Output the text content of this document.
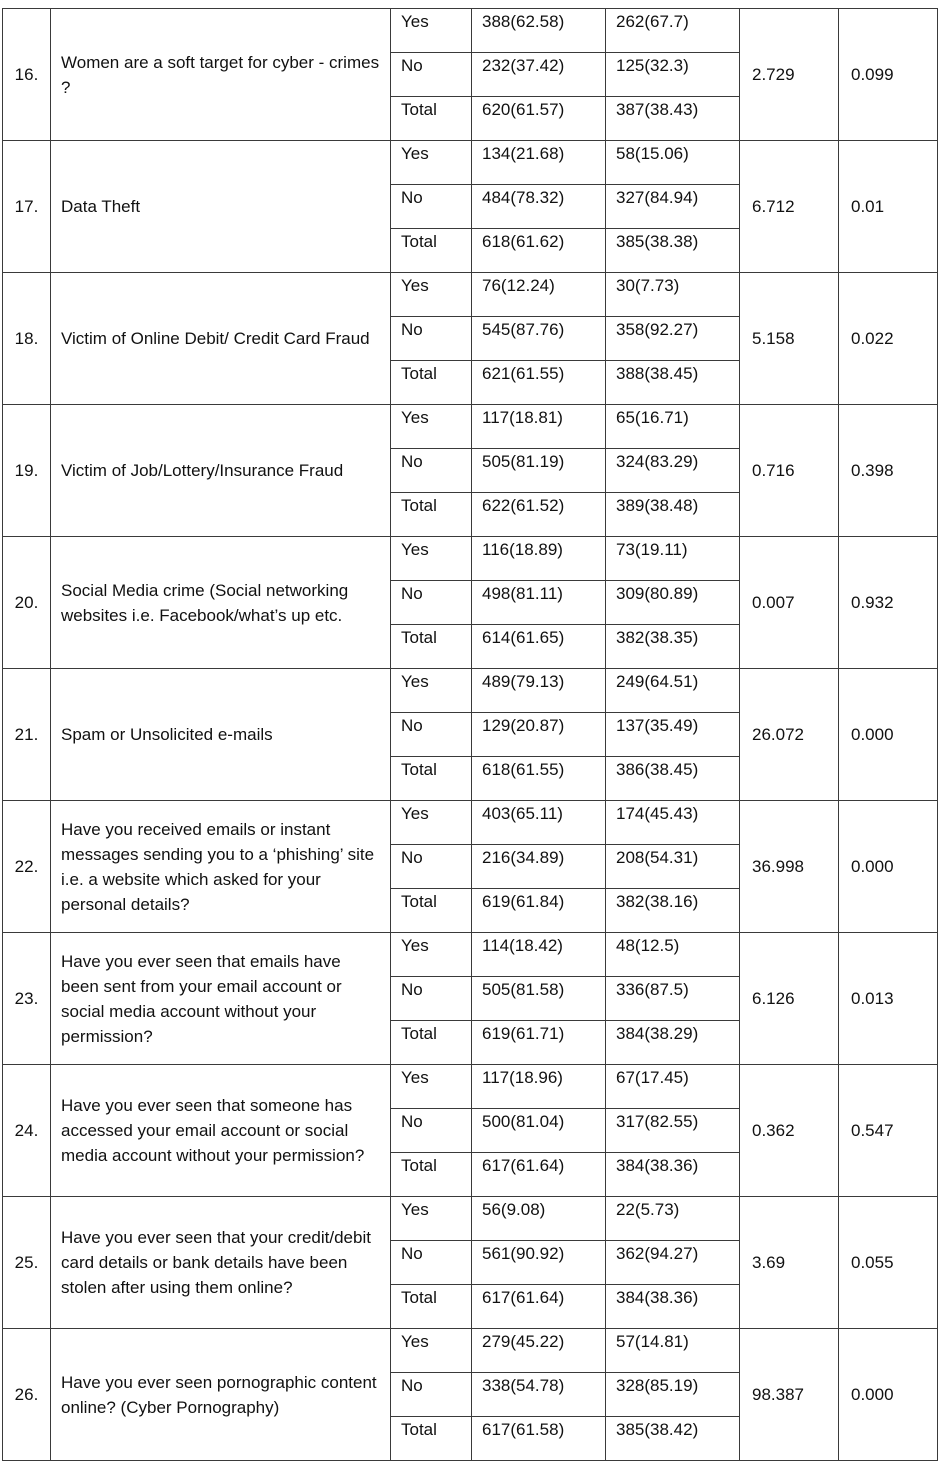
16.	Women are a soft target for cyber - crimes ?	Yes	388(62.58)	262(67.7)	2.729	0.099
		No	232(37.42)	125(32.3)		
		Total	620(61.57)	387(38.43)		
17.	Data Theft	Yes	134(21.68)	58(15.06)	6.712	0.01
		No	484(78.32)	327(84.94)		
		Total	618(61.62)	385(38.38)		
18.	Victim of Online Debit/ Credit Card Fraud	Yes	76(12.24)	30(7.73)	5.158	0.022
		No	545(87.76)	358(92.27)		
		Total	621(61.55)	388(38.45)		
19.	Victim of Job/Lottery/Insurance Fraud	Yes	117(18.81)	65(16.71)	0.716	0.398
		No	505(81.19)	324(83.29)		
		Total	622(61.52)	389(38.48)		
20.	Social Media crime (Social networking websites i.e. Facebook/what’s up etc.	Yes	116(18.89)	73(19.11)	0.007	0.932
		No	498(81.11)	309(80.89)		
		Total	614(61.65)	382(38.35)		
21.	Spam or Unsolicited e-mails	Yes	489(79.13)	249(64.51)	26.072	0.000
		No	129(20.87)	137(35.49)		
		Total	618(61.55)	386(38.45)		
22.	Have you received emails or instant messages sending you to a ‘phishing’ site i.e. a website which asked for your personal details?	Yes	403(65.11)	174(45.43)	36.998	0.000
		No	216(34.89)	208(54.31)		
		Total	619(61.84)	382(38.16)		
23.	Have you ever seen that emails have been sent from your email account or social media account without your permission?	Yes	114(18.42)	48(12.5)	6.126	0.013
		No	505(81.58)	336(87.5)		
		Total	619(61.71)	384(38.29)		
24.	Have you ever seen that someone has accessed your email account or social media account without your permission?	Yes	117(18.96)	67(17.45)	0.362	0.547
		No	500(81.04)	317(82.55)		
		Total	617(61.64)	384(38.36)		
25.	Have you ever seen that your credit/debit card details or bank details have been stolen after using them online?	Yes	56(9.08)	22(5.73)	3.69	0.055
		No	561(90.92)	362(94.27)		
		Total	617(61.64)	384(38.36)		
26.	Have you ever seen pornographic content online? (Cyber Pornography)	Yes	279(45.22)	57(14.81)	98.387	0.000
		No	338(54.78)	328(85.19)		
		Total	617(61.58)	385(38.42)		
